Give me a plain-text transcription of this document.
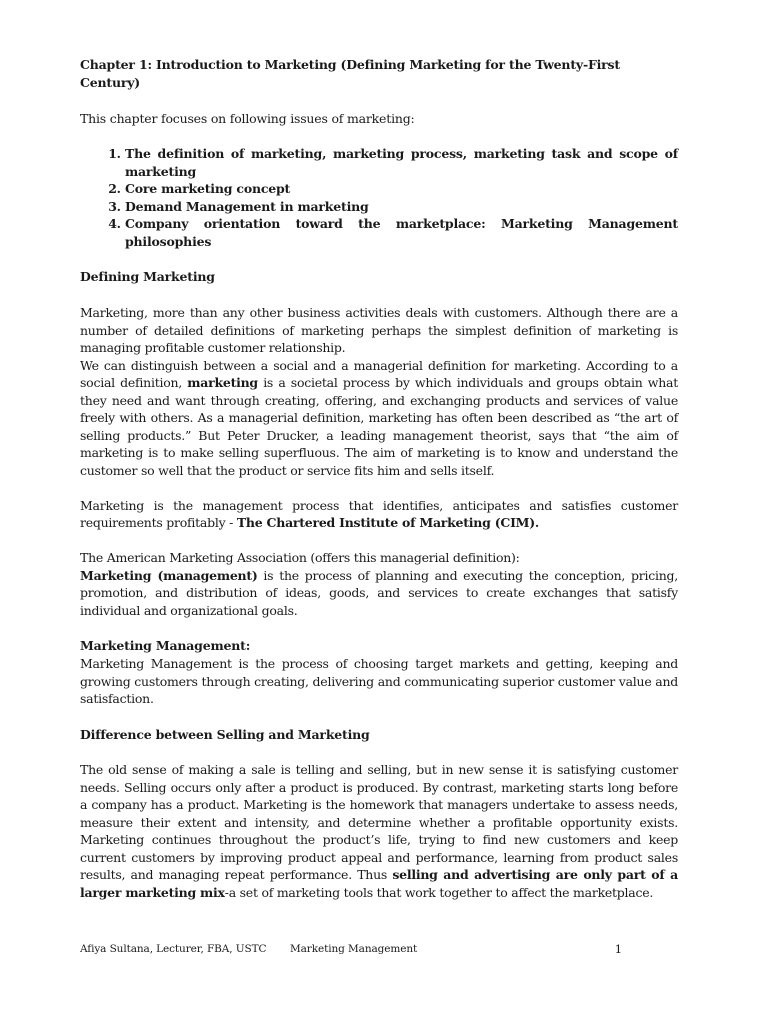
Chapter 1: Introduction to Marketing (Defining Marketing for the Twenty-First Century)

This chapter focuses on following issues of marketing:

1. The definition of marketing, marketing process, marketing task and scope of marketing
2. Core marketing concept
3. Demand Management in marketing
4. Company orientation toward the marketplace: Marketing Management philosophies
Defining Marketing

Marketing, more than any other business activities deals with customers. Although there are a number of detailed definitions of marketing perhaps the simplest definition of marketing is managing profitable customer relationship.

We can distinguish between a social and a managerial definition for marketing. According to a social definition, marketing is a societal process by which individuals and groups obtain what they need and want through creating, offering, and exchanging products and services of value freely with others. As a managerial definition, marketing has often been described as “the art of selling products.” But Peter Drucker, a leading management theorist, says that “the aim of marketing is to make selling superfluous. The aim of marketing is to know and understand the customer so well that the product or service fits him and sells itself.

Marketing is the management process that identifies, anticipates and satisfies customer requirements profitably - The Chartered Institute of Marketing (CIM).

The American Marketing Association (offers this managerial definition):

Marketing (management) is the process of planning and executing the conception, pricing, promotion, and distribution of ideas, goods, and services to create exchanges that satisfy individual and organizational goals.

Marketing Management:

Marketing Management is the process of choosing target markets and getting, keeping and growing customers through creating, delivering and communicating superior customer value and satisfaction.

Difference between Selling and Marketing

The old sense of making a sale is telling and selling, but in new sense it is satisfying customer needs. Selling occurs only after a product is produced. By contrast, marketing starts long before a company has a product. Marketing is the homework that managers undertake to assess needs, measure their extent and intensity, and determine whether a profitable opportunity exists. Marketing continues throughout the product’s life, trying to find new customers and keep current customers by improving product appeal and performance, learning from product sales results, and managing repeat performance. Thus selling and advertising are only part of a larger marketing mix-a set of marketing tools that work together to affect the marketplace.

Afiya Sultana, Lecturer, FBA, USTC Marketing Management	1
